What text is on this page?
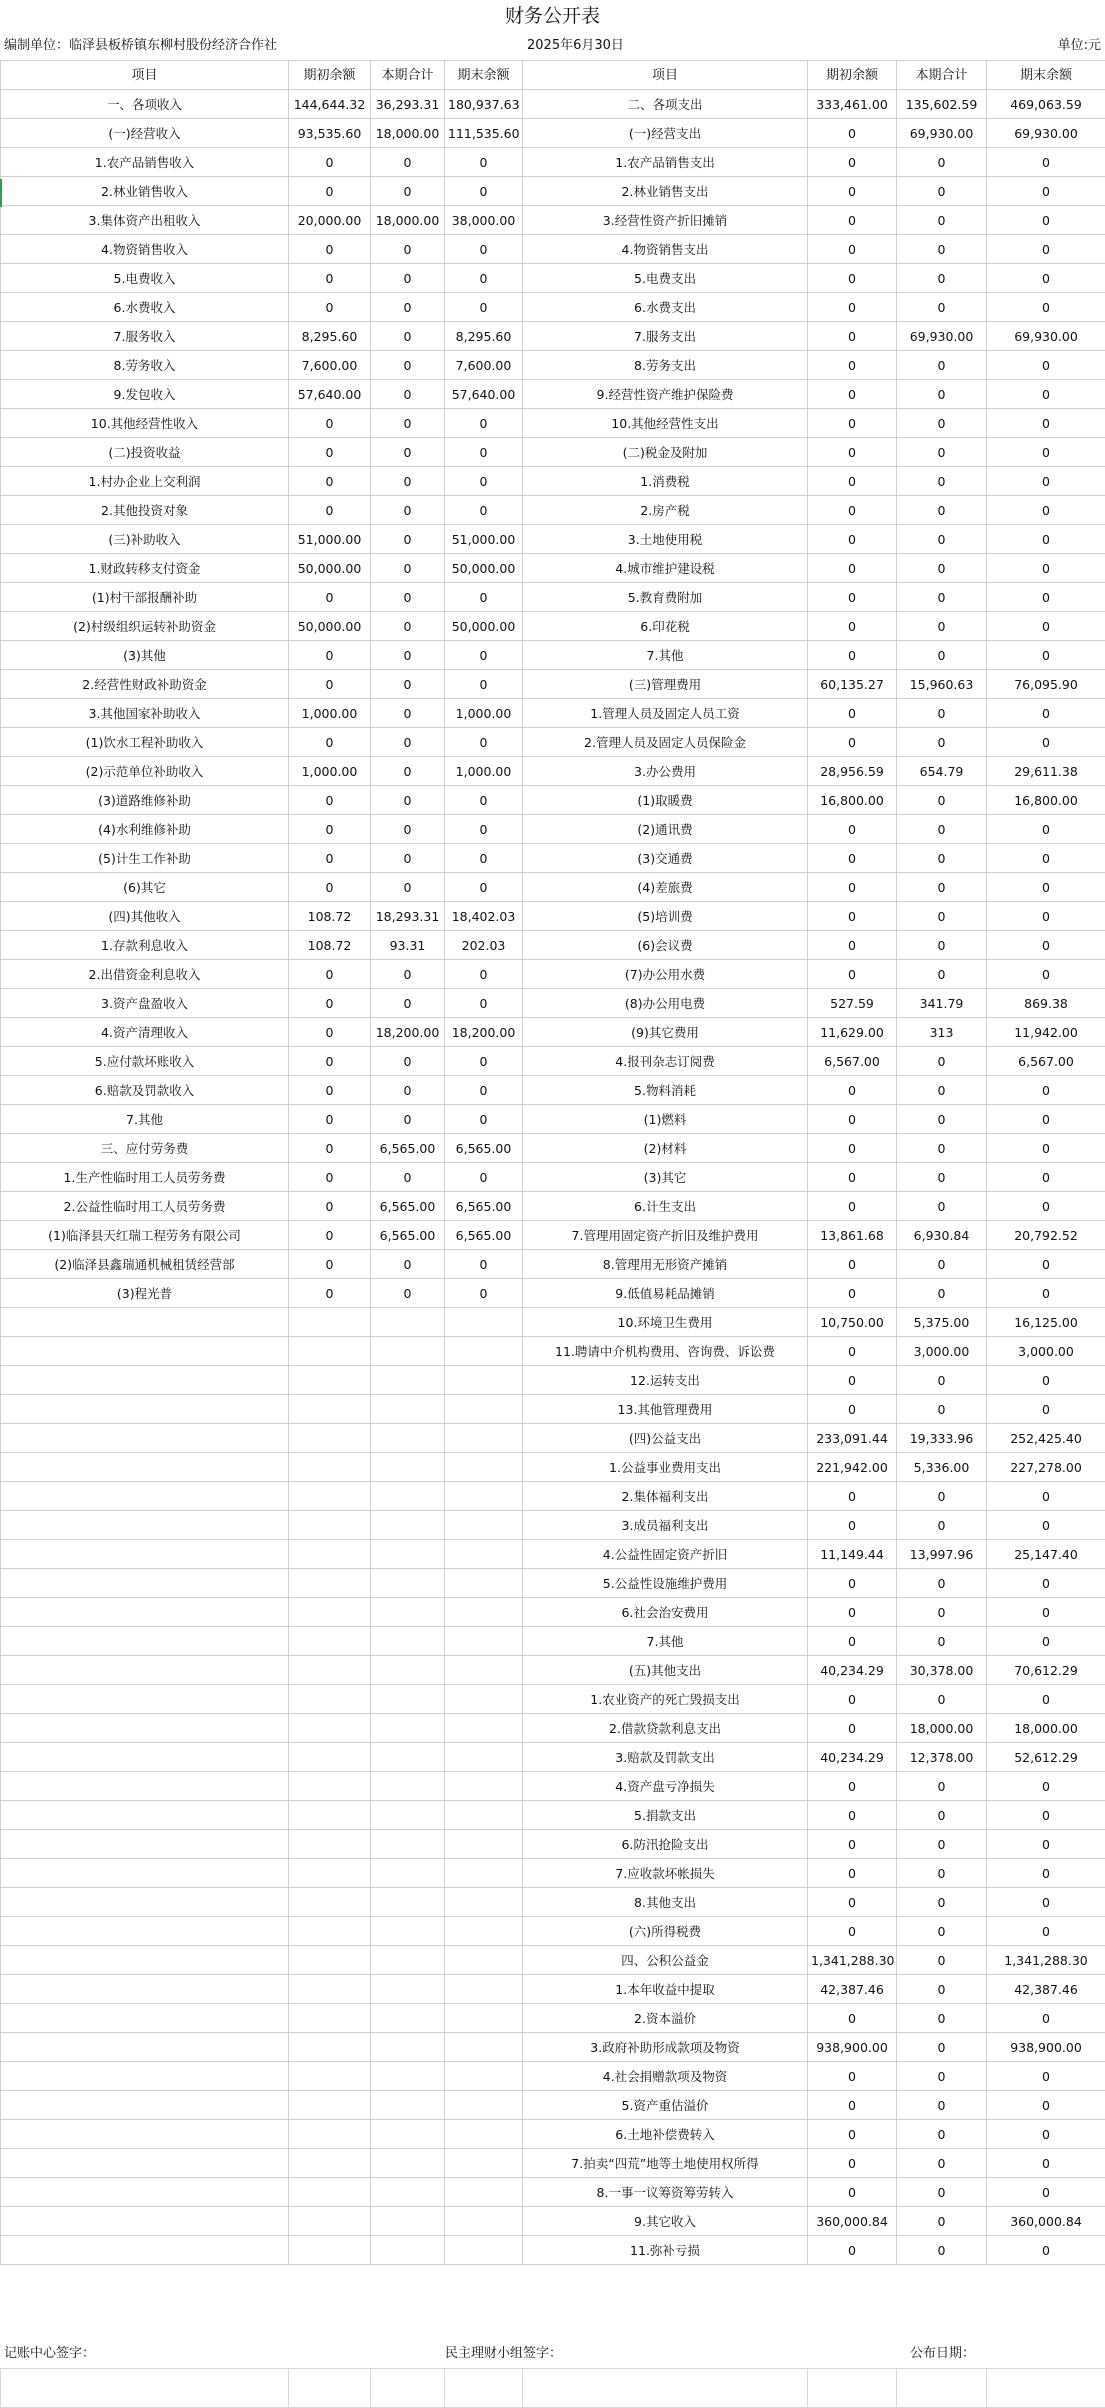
财务公开表
编制单位：临泽县板桥镇东柳村股份经济合作社	2025年6月30日	单位:元
项目	期初余额	本期合计	期末余额	项目	期初余额	本期合计	期末余额
一、各项收入	144,644.32	36,293.31	180,937.63	二、各项支出	333,461.00	135,602.59	469,063.59
(一)经营收入	93,535.60	18,000.00	111,535.60	(一)经营支出	0	69,930.00	69,930.00
1.农产品销售收入	0	0	0	1.农产品销售支出	0	0	0
2.林业销售收入	0	0	0	2.林业销售支出	0	0	0
3.集体资产出租收入	20,000.00	18,000.00	38,000.00	3.经营性资产折旧摊销	0	0	0
4.物资销售收入	0	0	0	4.物资销售支出	0	0	0
5.电费收入	0	0	0	5.电费支出	0	0	0
6.水费收入	0	0	0	6.水费支出	0	0	0
7.服务收入	8,295.60	0	8,295.60	7.服务支出	0	69,930.00	69,930.00
8.劳务收入	7,600.00	0	7,600.00	8.劳务支出	0	0	0
9.发包收入	57,640.00	0	57,640.00	9.经营性资产维护保险费	0	0	0
10.其他经营性收入	0	0	0	10.其他经营性支出	0	0	0
(二)投资收益	0	0	0	(二)税金及附加	0	0	0
1.村办企业上交利润	0	0	0	1.消费税	0	0	0
2.其他投资对象	0	0	0	2.房产税	0	0	0
(三)补助收入	51,000.00	0	51,000.00	3.土地使用税	0	0	0
1.财政转移支付资金	50,000.00	0	50,000.00	4.城市维护建设税	0	0	0
(1)村干部报酬补助	0	0	0	5.教育费附加	0	0	0
(2)村级组织运转补助资金	50,000.00	0	50,000.00	6.印花税	0	0	0
(3)其他	0	0	0	7.其他	0	0	0
2.经营性财政补助资金	0	0	0	(三)管理费用	60,135.27	15,960.63	76,095.90
3.其他国家补助收入	1,000.00	0	1,000.00	1.管理人员及固定人员工资	0	0	0
(1)饮水工程补助收入	0	0	0	2.管理人员及固定人员保险金	0	0	0
(2)示范单位补助收入	1,000.00	0	1,000.00	3.办公费用	28,956.59	654.79	29,611.38
(3)道路维修补助	0	0	0	(1)取暖费	16,800.00	0	16,800.00
(4)水利维修补助	0	0	0	(2)通讯费	0	0	0
(5)计生工作补助	0	0	0	(3)交通费	0	0	0
(6)其它	0	0	0	(4)差旅费	0	0	0
(四)其他收入	108.72	18,293.31	18,402.03	(5)培训费	0	0	0
1.存款利息收入	108.72	93.31	202.03	(6)会议费	0	0	0
2.出借资金利息收入	0	0	0	(7)办公用水费	0	0	0
3.资产盘盈收入	0	0	0	(8)办公用电费	527.59	341.79	869.38
4.资产清理收入	0	18,200.00	18,200.00	(9)其它费用	11,629.00	313	11,942.00
5.应付款坏账收入	0	0	0	4.报刊杂志订阅费	6,567.00	0	6,567.00
6.赔款及罚款收入	0	0	0	5.物料消耗	0	0	0
7.其他	0	0	0	(1)燃料	0	0	0
三、应付劳务费	0	6,565.00	6,565.00	(2)材料	0	0	0
1.生产性临时用工人员劳务费	0	0	0	(3)其它	0	0	0
2.公益性临时用工人员劳务费	0	6,565.00	6,565.00	6.计生支出	0	0	0
(1)临泽县天红瑞工程劳务有限公司	0	6,565.00	6,565.00	7.管理用固定资产折旧及维护费用	13,861.68	6,930.84	20,792.52
(2)临泽县鑫瑞通机械租赁经营部	0	0	0	8.管理用无形资产摊销	0	0	0
(3)程光普	0	0	0	9.低值易耗品摊销	0	0	0
				10.环境卫生费用	10,750.00	5,375.00	16,125.00
				11.聘请中介机构费用、咨询费、诉讼费	0	3,000.00	3,000.00
				12.运转支出	0	0	0
				13.其他管理费用	0	0	0
				(四)公益支出	233,091.44	19,333.96	252,425.40
				1.公益事业费用支出	221,942.00	5,336.00	227,278.00
				2.集体福利支出	0	0	0
				3.成员福利支出	0	0	0
				4.公益性固定资产折旧	11,149.44	13,997.96	25,147.40
				5.公益性设施维护费用	0	0	0
				6.社会治安费用	0	0	0
				7.其他	0	0	0
				(五)其他支出	40,234.29	30,378.00	70,612.29
				1.农业资产的死亡毁损支出	0	0	0
				2.借款贷款利息支出	0	18,000.00	18,000.00
				3.赔款及罚款支出	40,234.29	12,378.00	52,612.29
				4.资产盘亏净损失	0	0	0
				5.捐款支出	0	0	0
				6.防汛抢险支出	0	0	0
				7.应收款坏帐损失	0	0	0
				8.其他支出	0	0	0
				(六)所得税费	0	0	0
				四、公积公益金	1,341,288.30	0	1,341,288.30
				1.本年收益中提取	42,387.46	0	42,387.46
				2.资本溢价	0	0	0
				3.政府补助形成款项及物资	938,900.00	0	938,900.00
				4.社会捐赠款项及物资	0	0	0
				5.资产重估溢价	0	0	0
				6.土地补偿费转入	0	0	0
				7.拍卖“四荒”地等土地使用权所得	0	0	0
				8.一事一议筹资筹劳转入	0	0	0
				9.其它收入	360,000.84	0	360,000.84
				11.弥补亏损	0	0	0
记账中心签字：	民主理财小组签字：	公布日期：
